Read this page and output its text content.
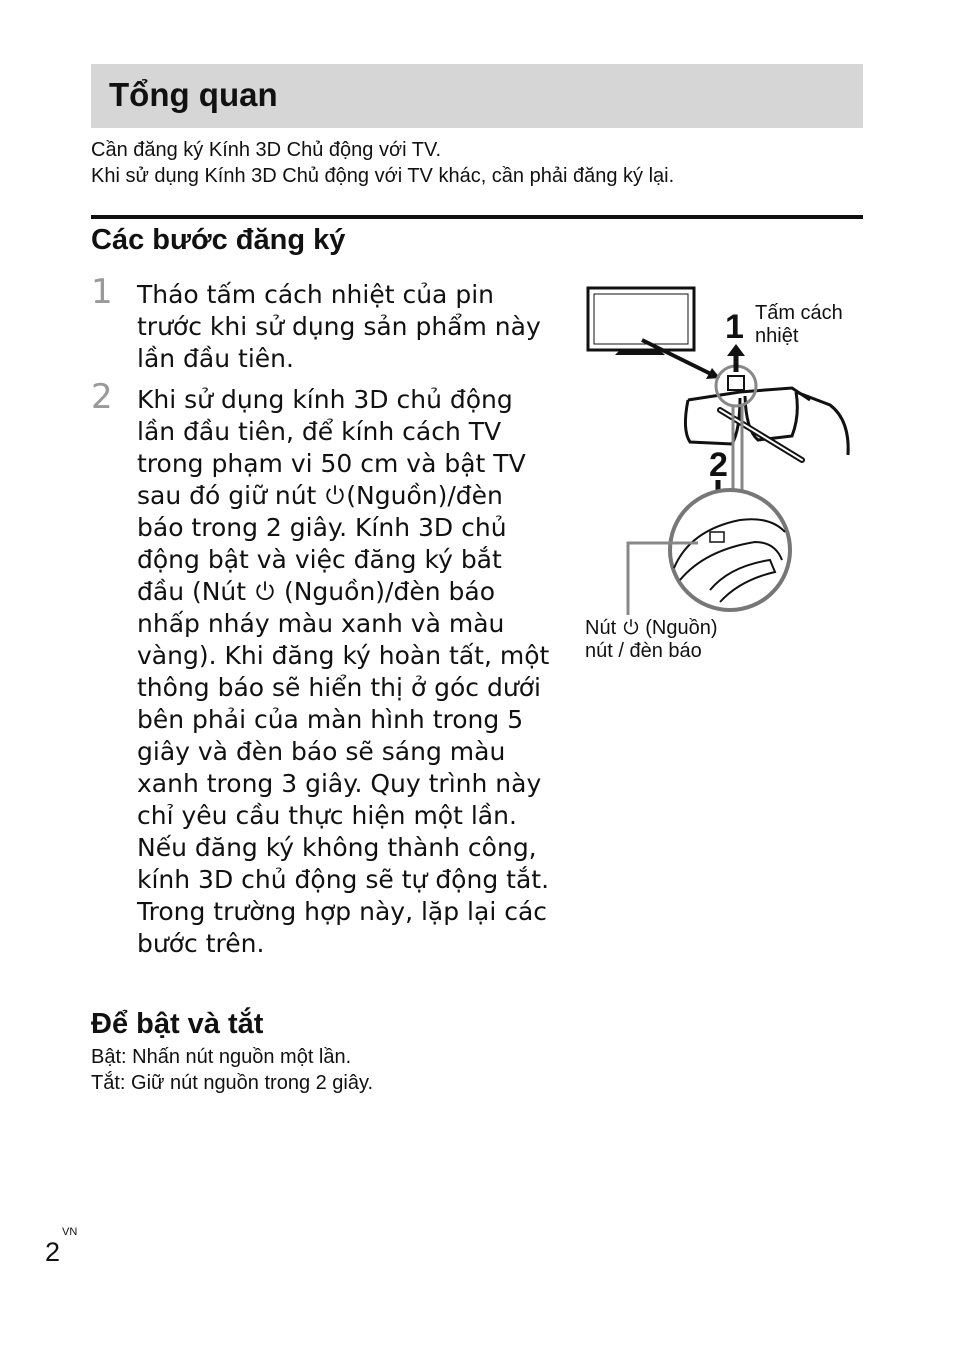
Tổng quan
Cần đăng ký Kính 3D Chủ động với TV.
Khi sử dụng Kính 3D Chủ động với TV khác, cần phải đăng ký lại.
Các bước đăng ký
1 Tháo tấm cách nhiệt của pin trước khi sử dụng sản phẩm này lần đầu tiên.

2 Khi sử dụng kính 3D chủ động lần đầu tiên, để kính cách TV trong phạm vi 50 cm và bật TV sau đó giữ nút (Nguồn)/đèn báo trong 2 giây. Kính 3D chủ động bật và việc đăng ký bắt đầu (Nút  (Nguồn)/đèn báo nhấp nháy màu xanh và màu vàng). Khi đăng ký hoàn tất, một thông báo sẽ hiển thị ở góc dưới bên phải của màn hình trong 5 giây và đèn báo sẽ sáng màu xanh trong 3 giây. Quy trình này chỉ yêu cầu thực hiện một lần.

Nếu đăng ký không thành công, kính 3D chủ động sẽ tự động tắt. Trong trường hợp này, lặp lại các bước trên.

1
2
Tấm cách
nhiệt
Nút  (Nguồn)
nút / đèn báo
Để bật và tắt
Bật: Nhấn nút nguồn một lần.
Tắt: Giữ nút nguồn trong 2 giây.
2
VN
